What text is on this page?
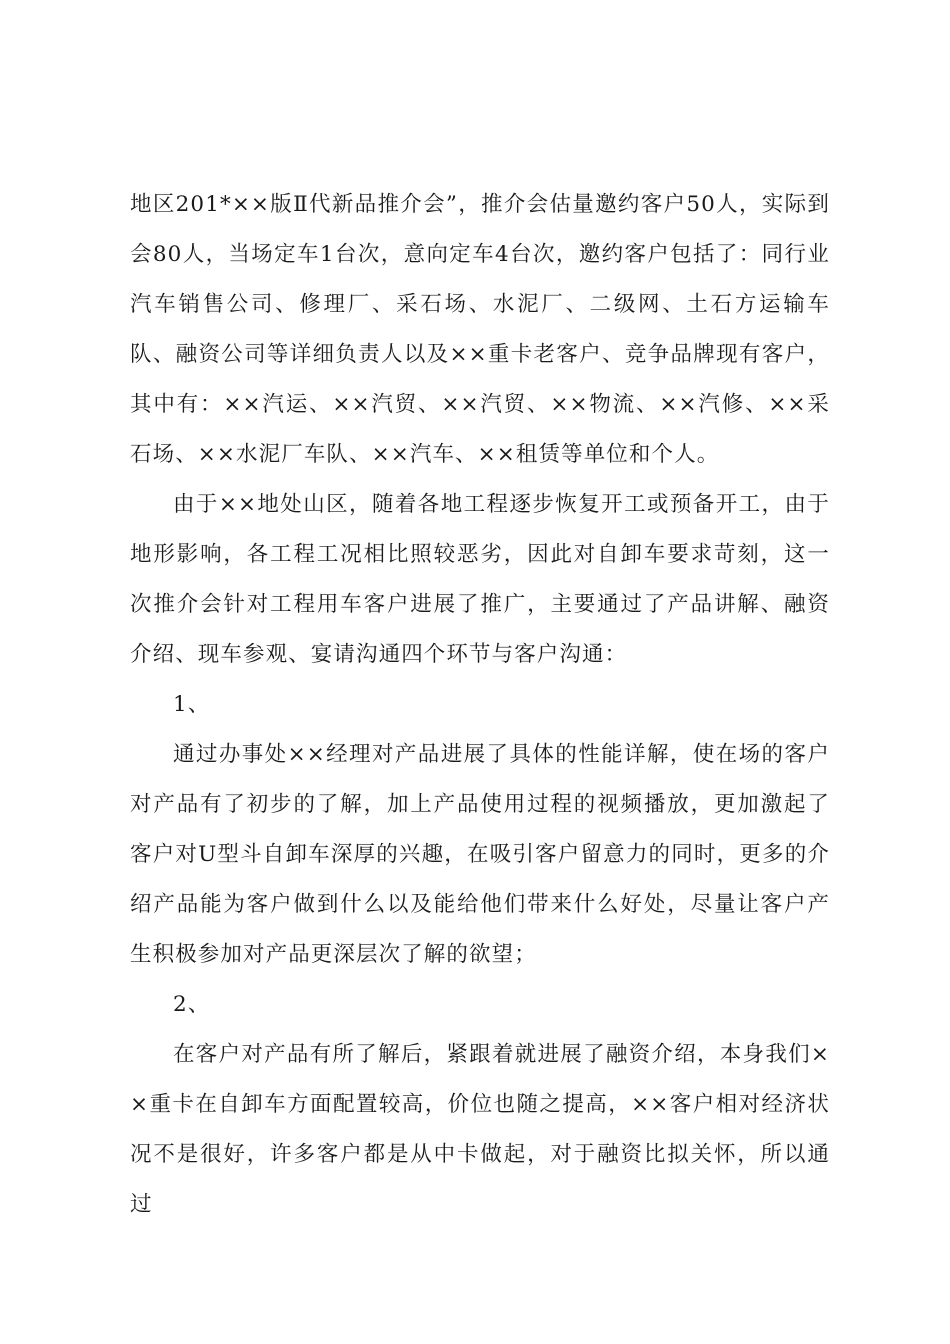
地区201*××版Ⅱ代新品推介会”，推介会估量邀约客户50人，实际到会80人，当场定车1台次，意向定车4台次，邀约客户包括了：同行业汽车销售公司、修理厂、采石场、水泥厂、二级网、土石方运输车队、融资公司等详细负责人以及××重卡老客户、竞争品牌现有客户，其中有：××汽运、××汽贸、××汽贸、××物流、××汽修、××采石场、××水泥厂车队、××汽车、××租赁等单位和个人。

由于××地处山区，随着各地工程逐步恢复开工或预备开工，由于地形影响，各工程工况相比照较恶劣，因此对自卸车要求苛刻，这一次推介会针对工程用车客户进展了推广，主要通过了产品讲解、融资介绍、现车参观、宴请沟通四个环节与客户沟通：

1、

通过办事处××经理对产品进展了具体的性能详解，使在场的客户对产品有了初步的了解，加上产品使用过程的视频播放，更加激起了客户对U型斗自卸车深厚的兴趣，在吸引客户留意力的同时，更多的介绍产品能为客户做到什么以及能给他们带来什么好处，尽量让客户产生积极参加对产品更深层次了解的欲望；

2、

在客户对产品有所了解后，紧跟着就进展了融资介绍，本身我们××重卡在自卸车方面配置较高，价位也随之提高，××客户相对经济状况不是很好，许多客户都是从中卡做起，对于融资比拟关怀，所以通过
